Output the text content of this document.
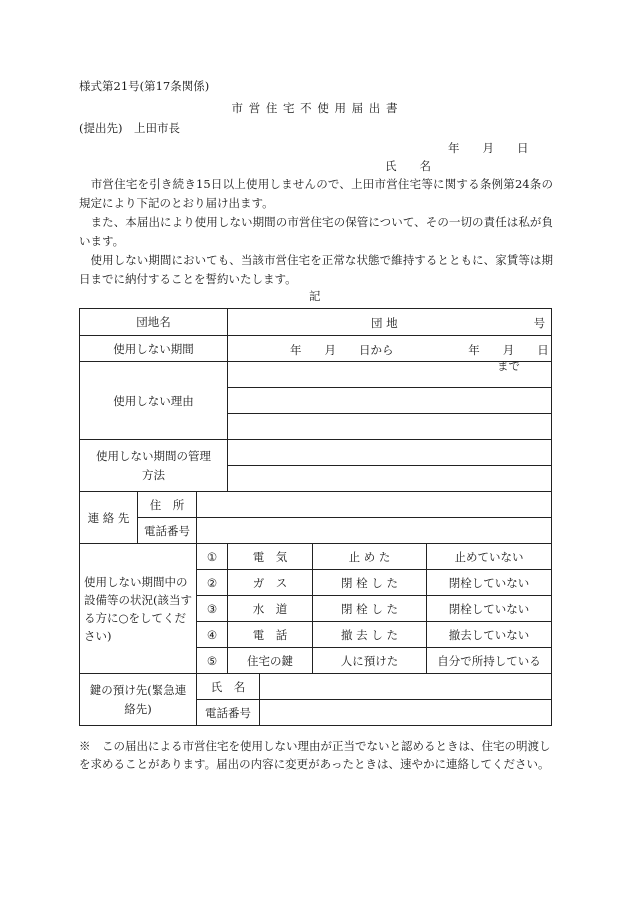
様式第21号(第17条関係)
市 営 住 宅 不 使 用 届 出 書
(提出先)　上田市長
年　　月　　日
氏　　名
　市営住宅を引き続き15日以上使用しませんので、上田市営住宅等に関する条例第24条の規定により下記のとおり届け出ます。
　また、本届出により使用しない期間の市営住宅の保管について、その一切の責任は私が負います。
　使用しない期間においても、当該市営住宅を正常な状態で維持するとともに、家賃等は期日までに納付することを誓約いたします。
記
団地名			団 地 号			

使用しない期間			年　　月　　日から 年　　月　　日まで			

使用しない理由						

使用しない期間の管理方法						

連 絡 先	住　所					
	電話番号					
使用しない期間中の設備等の状況(該当する方に○をしてください)		①	電　気		止 め た	止めていない
		②	ガ　ス		閉 栓 し た	閉栓していない
		③	水　道		閉 栓 し た	閉栓していない
		④	電　話		撤 去 し た	撤去していない
		⑤	住宅の鍵		人に預けた	自分で所持している
鍵の預け先(緊急連絡先)		氏　名				
		電話番号				
※　この届出による市営住宅を使用しない理由が正当でないと認めるときは、住宅の明渡しを求めることがあります。届出の内容に変更があったときは、速やかに連絡してください。
